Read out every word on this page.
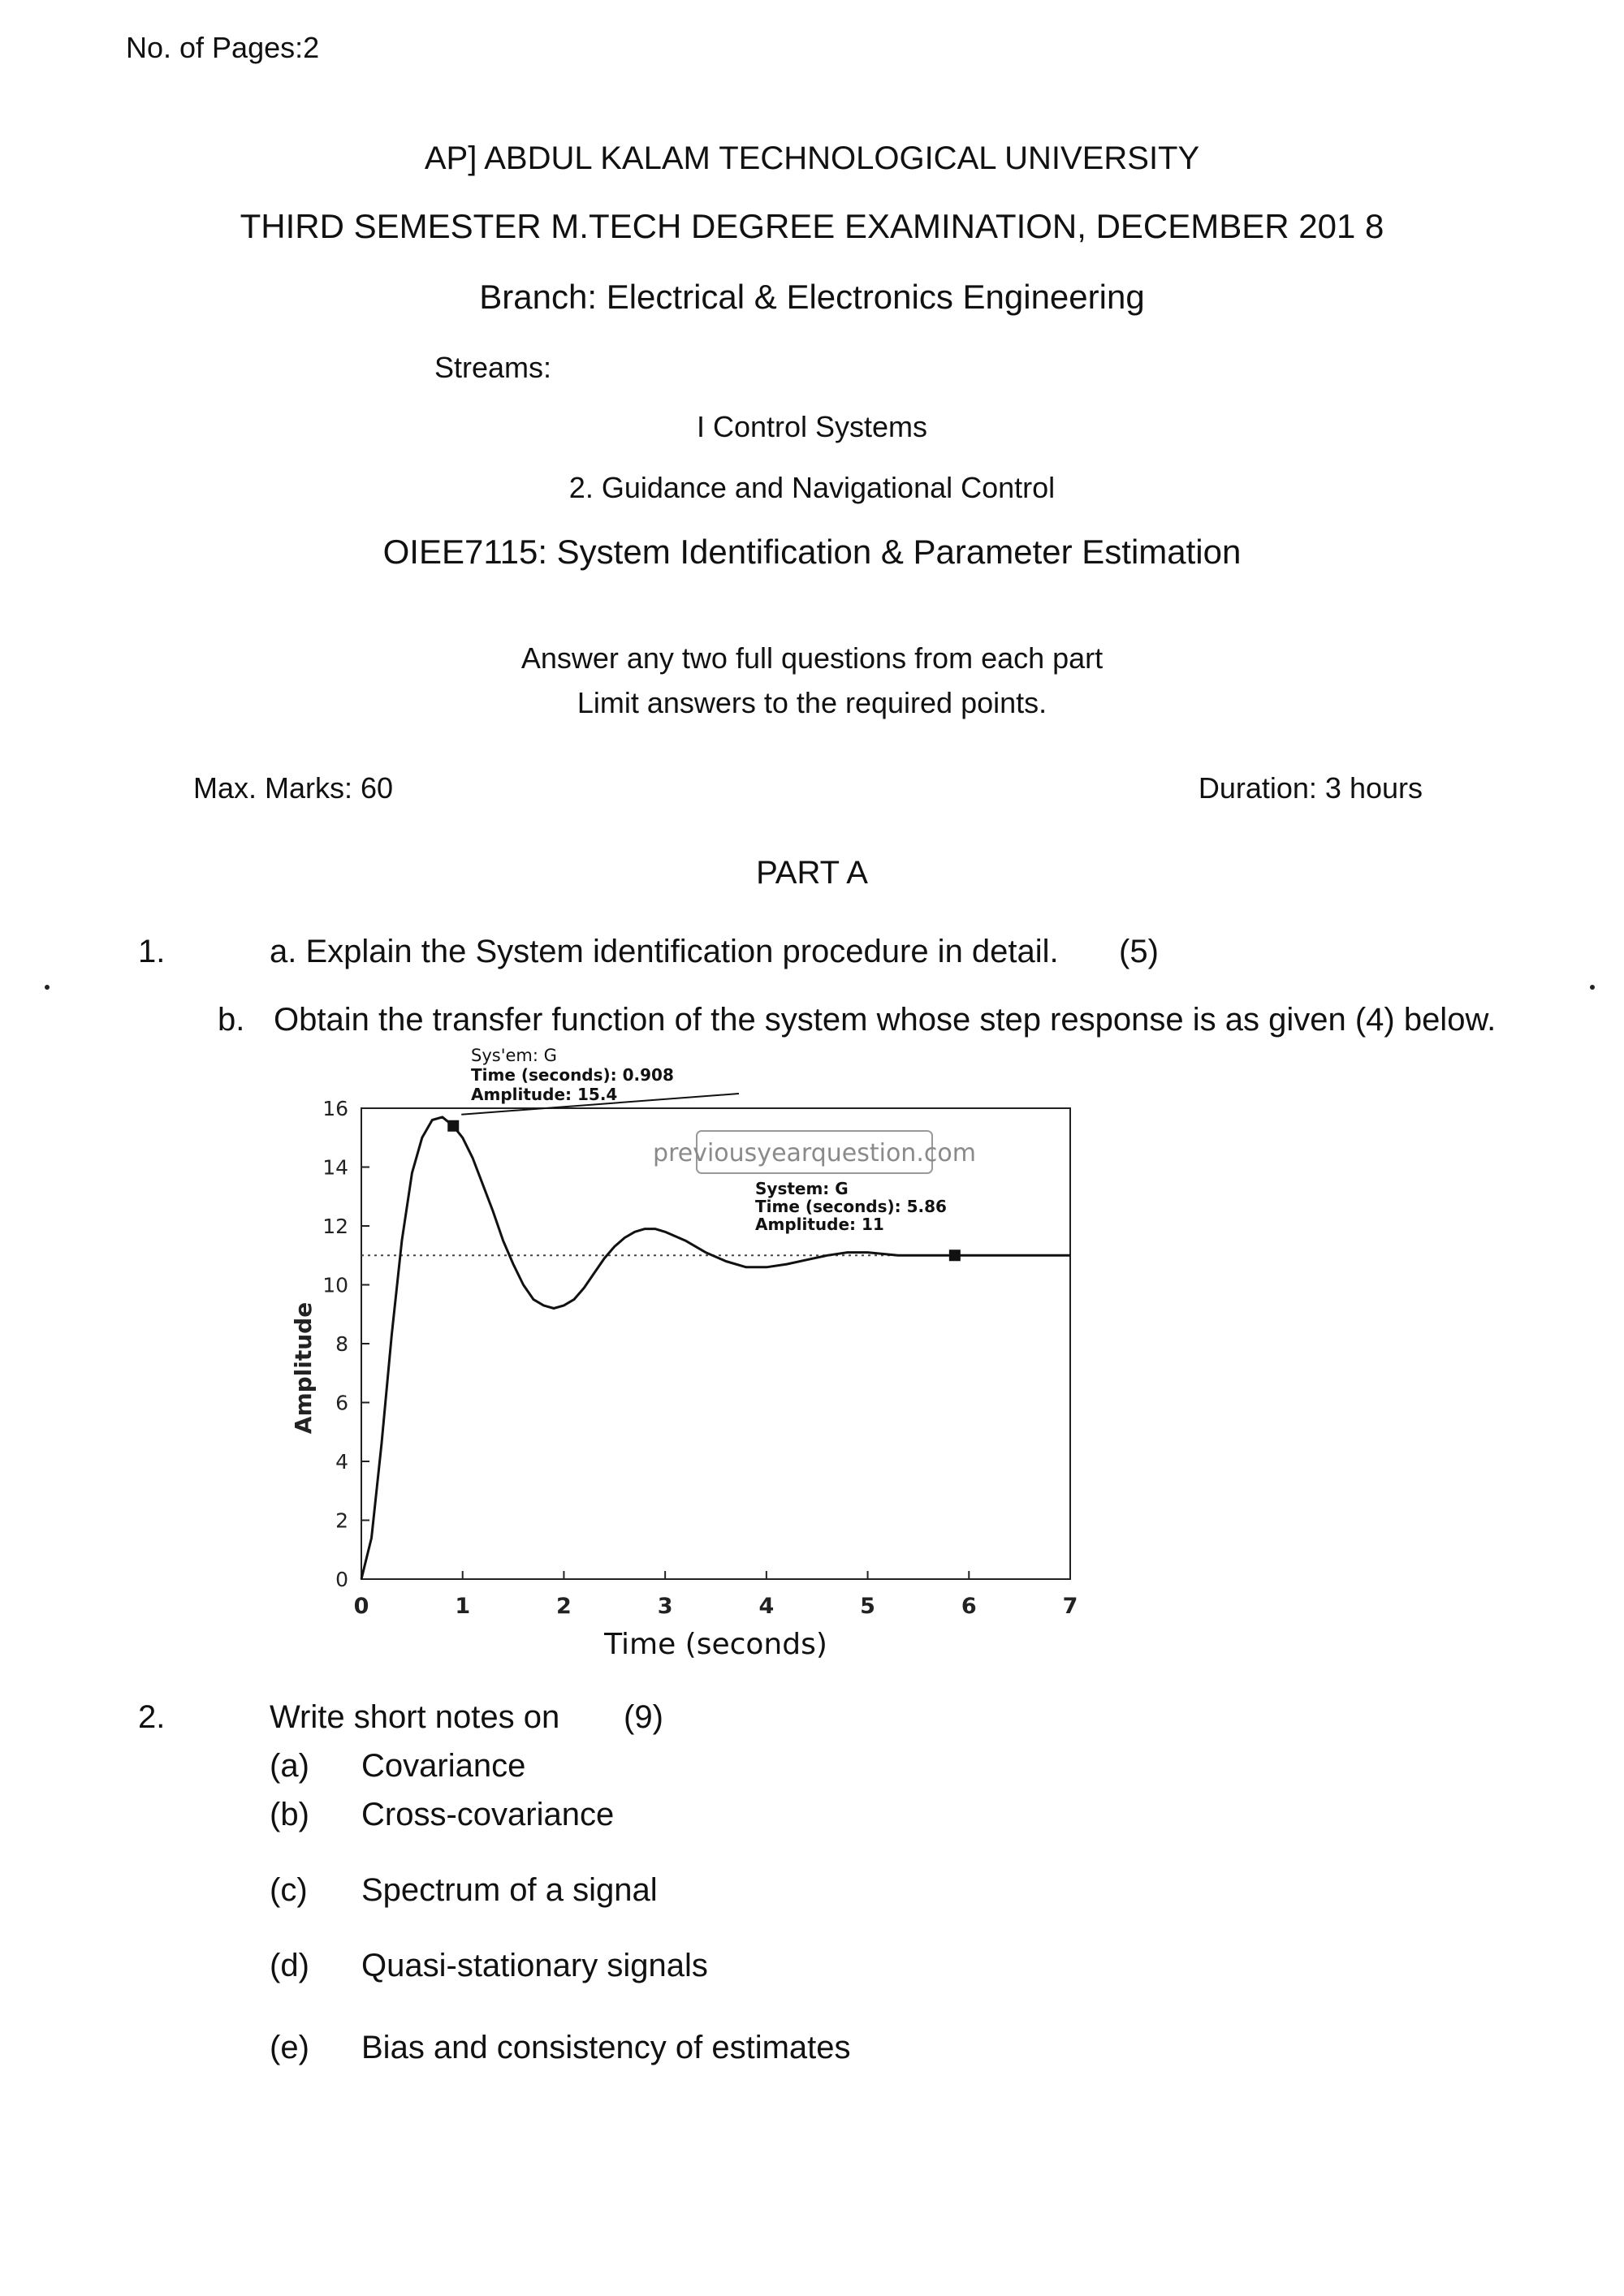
No. of Pages:2
AP] ABDUL KALAM TECHNOLOGICAL UNIVERSITY
THIRD SEMESTER M.TECH DEGREE EXAMINATION, DECEMBER 201 8
Branch: Electrical & Electronics Engineering
Streams:
I Control Systems
2. Guidance and Navigational Control
OIEE7115: System Identification & Parameter Estimation
Answer any two full questions from each part
Limit answers to the required points.
Max. Marks: 60	Duration: 3 hours
PART A
1.	a. Explain the System identification procedure in detail. (5)
b. Obtain the transfer function of the system whose step response is as given (4) below.
0
2
4
6
8
10
12
14
16
0	1	2	3	4	5	6	7
Time (seconds)
Amplitude
previousyearquestion.com
Sys'em: G
Time (seconds): 0.908
Amplitude: 15.4
System: G
Time (seconds): 5.86
Amplitude: 11
2.	Write short notes on (9)
(a) Covariance
(b) Cross-covariance
(c) Spectrum of a signal
(d) Quasi-stationary signals
(e) Bias and consistency of estimates
